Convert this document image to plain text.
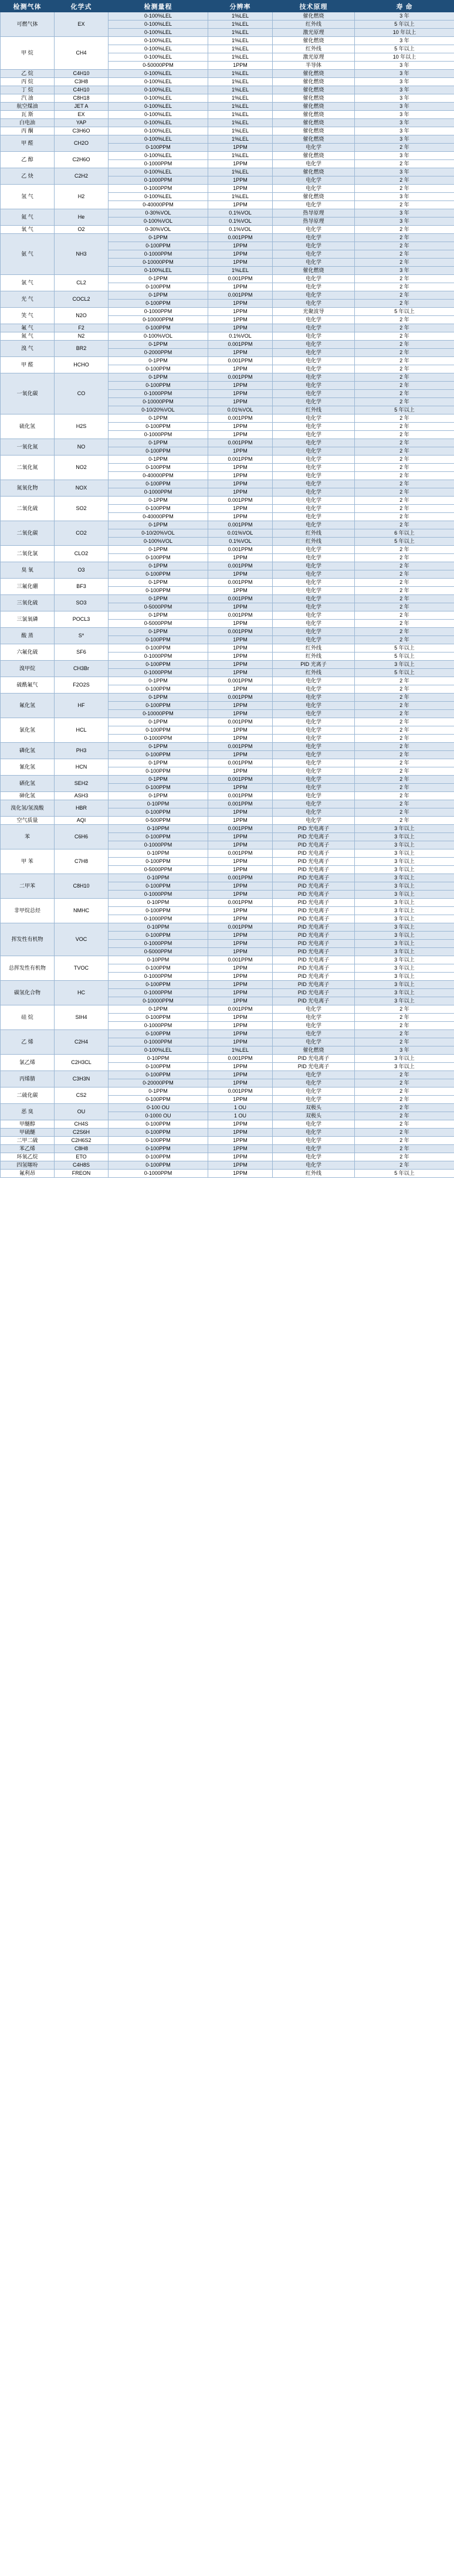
检测气体	化学式	检测量程	分辨率	技术原理	寿 命
可燃气体	EX	0-100%LEL	1%LEL	催化燃烧	3 年
		0-100%LEL	1%LEL	红外线	5 年以上
		0-100%LEL	1%LEL	激光原理	10 年以上
甲 烷	CH4	0-100%LEL	1%LEL	催化燃烧	3 年
		0-100%LEL	1%LEL	红外线	5 年以上
		0-100%LEL	1%LEL	激光原理	10 年以上
		0-50000PPM	1PPM	半导体	3 年
乙 烷	C4H10	0-100%LEL	1%LEL	催化燃烧	3 年
丙 烷	C3H8	0-100%LEL	1%LEL	催化燃烧	3 年
丁 烷	C4H10	0-100%LEL	1%LEL	催化燃烧	3 年
汽 油	C8H18	0-100%LEL	1%LEL	催化燃烧	3 年
航空煤油	JET A	0-100%LEL	1%LEL	催化燃烧	3 年
瓦 斯	EX	0-100%LEL	1%LEL	催化燃烧	3 年
白电油	YAP	0-100%LEL	1%LEL	催化燃烧	3 年
丙 酮	C3H6O	0-100%LEL	1%LEL	催化燃烧	3 年
甲 醛	CH2O	0-100%LEL	1%LEL	催化燃烧	3 年
		0-100PPM	1PPM	电化学	2 年
乙 醇	C2H6O	0-100%LEL	1%LEL	催化燃烧	3 年
		0-1000PPM	1PPM	电化学	2 年
乙 炔	C2H2	0-100%LEL	1%LEL	催化燃烧	3 年
		0-1000PPM	1PPM	电化学	2 年
氢 气	H2	0-1000PPM	1PPM	电化学	2 年
		0-100%LEL	1%LEL	催化燃烧	3 年
		0-40000PPM	1PPM	电化学	2 年
氦 气	He	0-30%VOL	0.1%VOL	热导原理	3 年
		0-100%VOL	0.1%VOL	热导原理	3 年
氧 气	O2	0-30%VOL	0.1%VOL	电化学	2 年
氨 气	NH3	0-1PPM	0.001PPM	电化学	2 年
		0-100PPM	1PPM	电化学	2 年
		0-1000PPM	1PPM	电化学	2 年
		0-10000PPM	1PPM	电化学	2 年
		0-100%LEL	1%LEL	催化燃烧	3 年
氯 气	CL2	0-1PPM	0.001PPM	电化学	2 年
		0-100PPM	1PPM	电化学	2 年
光 气	COCL2	0-1PPM	0.001PPM	电化学	2 年
		0-100PPM	1PPM	电化学	2 年
笑 气	N2O	0-1000PPM	1PPM	光聚波导	5 年以上
		0-10000PPM	1PPM	电化学	2 年
氟 气	F2	0-100PPM	1PPM	电化学	2 年
氮 气	N2	0-100%VOL	0.1%VOL	电化学	2 年
溴 气	BR2	0-1PPM	0.001PPM	电化学	2 年
		0-2000PPM	1PPM	电化学	2 年
甲 醛	HCHO	0-1PPM	0.001PPM	电化学	2 年
		0-100PPM	1PPM	电化学	2 年
一氧化碳	CO	0-1PPM	0.001PPM	电化学	2 年
		0-100PPM	1PPM	电化学	2 年
		0-1000PPM	1PPM	电化学	2 年
		0-10000PPM	1PPM	电化学	2 年
		0-10/20%VOL	0.01%VOL	红外线	5 年以上
硫化氢	H2S	0-1PPM	0.001PPM	电化学	2 年
		0-100PPM	1PPM	电化学	2 年
		0-1000PPM	1PPM	电化学	2 年
一氧化氮	NO	0-1PPM	0.001PPM	电化学	2 年
		0-100PPM	1PPM	电化学	2 年
二氧化氮	NO2	0-1PPM	0.001PPM	电化学	2 年
		0-100PPM	1PPM	电化学	2 年
		0-40000PPM	1PPM	电化学	2 年
氮氧化物	NOX	0-100PPM	1PPM	电化学	2 年
		0-1000PPM	1PPM	电化学	2 年
二氧化硫	SO2	0-1PPM	0.001PPM	电化学	2 年
		0-100PPM	1PPM	电化学	2 年
		0-40000PPM	1PPM	电化学	2 年
二氧化碳	CO2	0-1PPM	0.001PPM	电化学	2 年
		0-10/20%VOL	0.01%VOL	红外线	6 年以上
		0-100%VOL	0.1%VOL	红外线	5 年以上
二氧化氯	CLO2	0-1PPM	0.001PPM	电化学	2 年
		0-100PPM	1PPM	电化学	2 年
臭 氧	O3	0-1PPM	0.001PPM	电化学	2 年
		0-100PPM	1PPM	电化学	2 年
三氟化硼	BF3	0-1PPM	0.001PPM	电化学	2 年
		0-100PPM	1PPM	电化学	2 年
三氧化硫	SO3	0-1PPM	0.001PPM	电化学	2 年
		0-5000PPM	1PPM	电化学	2 年
三氯氧磷	POCL3	0-1PPM	0.001PPM	电化学	2 年
		0-5000PPM	1PPM	电化学	2 年
酸 蒸	S*	0-1PPM	0.001PPM	电化学	2 年
		0-100PPM	1PPM	电化学	2 年
六氟化硫	SF6	0-100PPM	1PPM	红外线	5 年以上
		0-1000PPM	1PPM	红外线	5 年以上
溴甲烷	CH3Br	0-100PPM	1PPM	PID 光离子	3 年以上
		0-1000PPM	1PPM	红外线	5 年以上
硫酰氟气	F2O2S	0-1PPM	0.001PPM	电化学	2 年
		0-100PPM	1PPM	电化学	2 年
氟化氢	HF	0-1PPM	0.001PPM	电化学	2 年
		0-100PPM	1PPM	电化学	2 年
		0-10000PPM	1PPM	电化学	2 年
氯化氢	HCL	0-1PPM	0.001PPM	电化学	2 年
		0-100PPM	1PPM	电化学	2 年
		0-1000PPM	1PPM	电化学	2 年
磷化氢	PH3	0-1PPM	0.001PPM	电化学	2 年
		0-100PPM	1PPM	电化学	2 年
氰化氢	HCN	0-1PPM	0.001PPM	电化学	2 年
		0-100PPM	1PPM	电化学	2 年
硒化氢	SEH2	0-1PPM	0.001PPM	电化学	2 年
		0-100PPM	1PPM	电化学	2 年
砷化氢	ASH3	0-1PPM	0.001PPM	电化学	2 年
溴化氢/氢溴酸	HBR	0-10PPM	0.001PPM	电化学	2 年
		0-100PPM	1PPM	电化学	2 年
空气质量	AQI	0-500PPM	1PPM	电化学	2 年
苯	C6H6	0-10PPM	0.001PPM	PID 光电离子	3 年以上
		0-100PPM	1PPM	PID 光电离子	3 年以上
		0-1000PPM	1PPM	PID 光电离子	3 年以上
甲 苯	C7H8	0-10PPM	0.001PPM	PID 光电离子	3 年以上
		0-100PPM	1PPM	PID 光电离子	3 年以上
		0-5000PPM	1PPM	PID 光电离子	3 年以上
二甲苯	C8H10	0-10PPM	0.001PPM	PID 光电离子	3 年以上
		0-100PPM	1PPM	PID 光电离子	3 年以上
		0-1000PPM	1PPM	PID 光电离子	3 年以上
非甲烷总烃	NMHC	0-10PPM	0.001PPM	PID 光电离子	3 年以上
		0-100PPM	1PPM	PID 光电离子	3 年以上
		0-1000PPM	1PPM	PID 光电离子	3 年以上
挥发性有机物	VOC	0-10PPM	0.001PPM	PID 光电离子	3 年以上
		0-100PPM	1PPM	PID 光电离子	3 年以上
		0-1000PPM	1PPM	PID 光电离子	3 年以上
		0-5000PPM	1PPM	PID 光电离子	3 年以上
总挥发性有机物	TVOC	0-10PPM	0.001PPM	PID 光电离子	3 年以上
		0-100PPM	1PPM	PID 光电离子	3 年以上
		0-1000PPM	1PPM	PID 光电离子	3 年以上
碳氢化合物	HC	0-100PPM	1PPM	PID 光电离子	3 年以上
		0-1000PPM	1PPM	PID 光电离子	3 年以上
		0-10000PPM	1PPM	PID 光电离子	3 年以上
硅 烷	SIH4	0-1PPM	0.001PPM	电化学	2 年
		0-100PPM	1PPM	电化学	2 年
		0-1000PPM	1PPM	电化学	2 年
乙 烯	C2H4	0-100PPM	1PPM	电化学	2 年
		0-1000PPM	1PPM	电化学	2 年
		0-100%LEL	1%LEL	催化燃烧	3 年
氯乙烯	C2H3CL	0-10PPM	0.001PPM	PID 光电离子	3 年以上
		0-100PPM	1PPM	PID 光电离子	3 年以上
丙烯腈	C3H3N	0-100PPM	1PPM	电化学	2 年
		0-20000PPM	1PPM	电化学	2 年
二硫化碳	CS2	0-1PPM	0.001PPM	电化学	2 年
		0-100PPM	1PPM	电化学	2 年
恶 臭	OU	0-100 OU	1 OU	双极头	2 年
		0-1000 OU	1 OU	双极头	2 年
甲醚醇	CH4S	0-100PPM	1PPM	电化学	2 年
甲硫醚	C2S6H	0-100PPM	1PPM	电化学	2 年
二甲二硫	C2H6S2	0-100PPM	1PPM	电化学	2 年
苯乙烯	C8H8	0-100PPM	1PPM	电化学	2 年
环氧乙烷	ETO	0-100PPM	1PPM	电化学	2 年
四氢噻吩	C4H8S	0-100PPM	1PPM	电化学	2 年
氟利昂	FREON	0-1000PPM	1PPM	红外线	5 年以上
